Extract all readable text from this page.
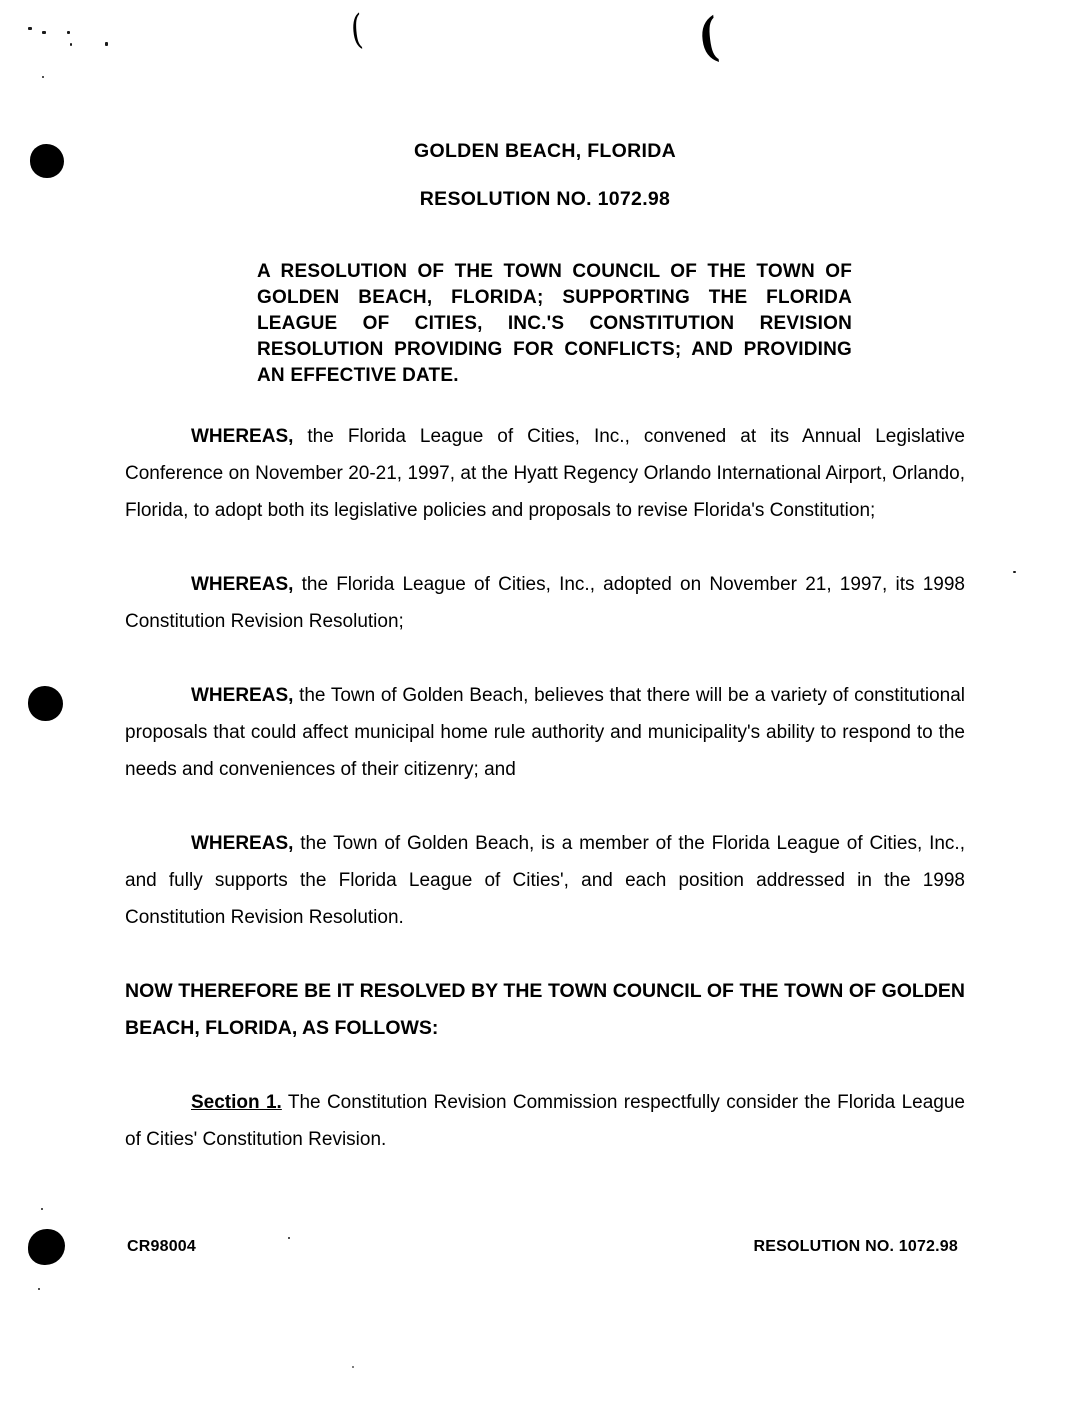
(	(
GOLDEN BEACH, FLORIDA
RESOLUTION NO. 1072.98

A RESOLUTION OF THE TOWN COUNCIL OF THE TOWN OF GOLDEN BEACH, FLORIDA; SUPPORTING THE FLORIDA LEAGUE OF CITIES, INC.'S CONSTITUTION REVISION RESOLUTION PROVIDING FOR CONFLICTS; AND PROVIDING AN EFFECTIVE DATE.

WHEREAS, the Florida League of Cities, Inc., convened at its Annual Legislative Conference on November 20-21, 1997, at the Hyatt Regency Orlando International Airport, Orlando, Florida, to adopt both its legislative policies and proposals to revise Florida's Constitution;

WHEREAS, the Florida League of Cities, Inc., adopted on November 21, 1997, its 1998 Constitution Revision Resolution;

WHEREAS, the Town of Golden Beach, believes that there will be a variety of constitutional proposals that could affect municipal home rule authority and municipality's ability to respond to the needs and conveniences of their citizenry; and

WHEREAS, the Town of Golden Beach, is a member of the Florida League of Cities, Inc., and fully supports the Florida League of Cities', and each position addressed in the 1998 Constitution Revision Resolution.

NOW THEREFORE BE IT RESOLVED BY THE TOWN COUNCIL OF THE TOWN OF GOLDEN BEACH, FLORIDA, AS FOLLOWS:

Section 1. The Constitution Revision Commission respectfully consider the Florida League of Cities' Constitution Revision.

CR98004	RESOLUTION NO. 1072.98
